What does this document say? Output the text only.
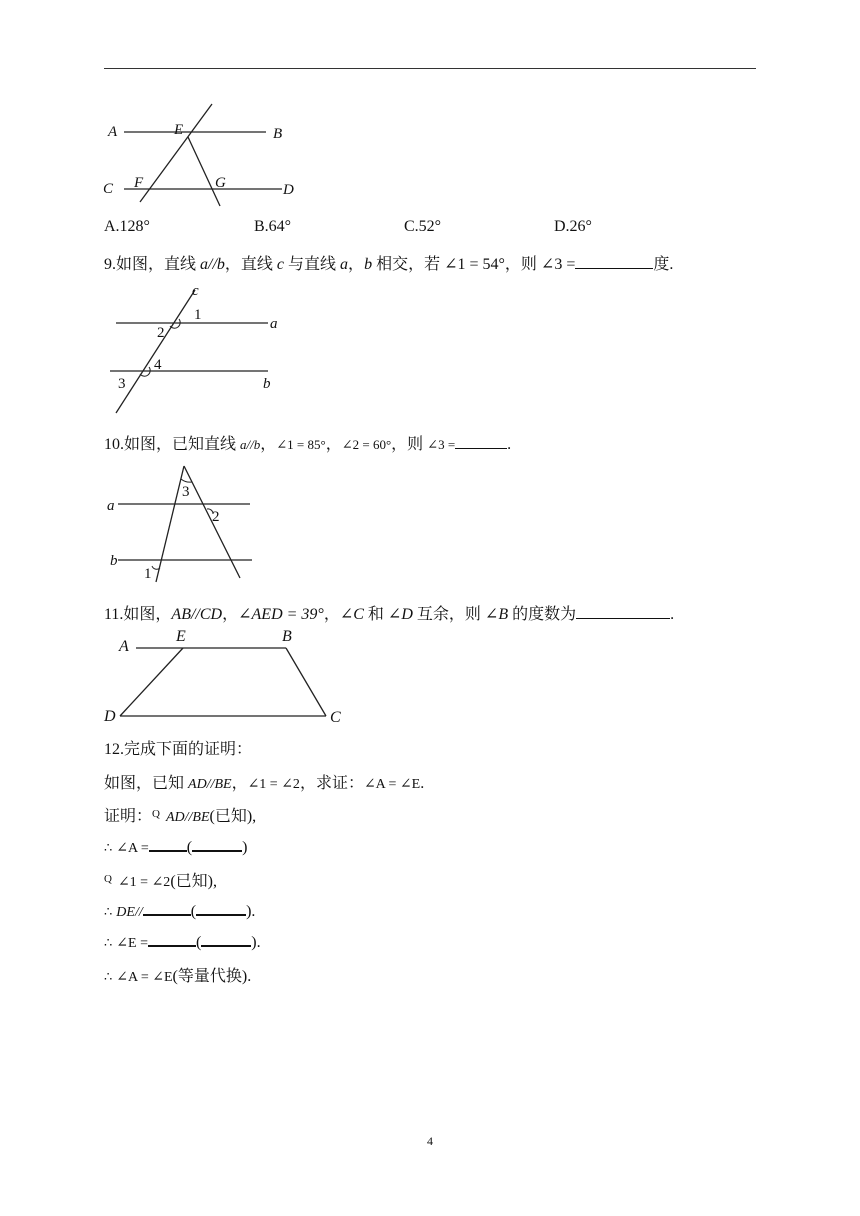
A	E	B
C F	G	D
A.128°	B.64°	C.52°	D.26°
9.如图，直线 a//b，直线 c 与直线 a，b 相交，若 ∠1 = 54°，则 ∠3 =	度.
c
a
b
1
2
4
3
10.如图，已知直线 a//b，∠1 = 85°，∠2 = 60°，则 ∠3 =	.
a
b
3
2
1
11.如图，AB//CD，∠AED = 39°，∠C 和 ∠D 互余，则 ∠B 的度数为	.
A
E	B
D	C
12.完成下面的证明：
如图，已知 AD//BE，∠1 = ∠2，求证：∠A = ∠E.
证明：$^Q$ AD//BE(已知),
∴ ∠A = (	)
$^Q$ ∠1 = ∠2(已知),
∴ DE//	(	).
∴ ∠E =	(	).
∴ ∠A = ∠E(等量代换).
4
